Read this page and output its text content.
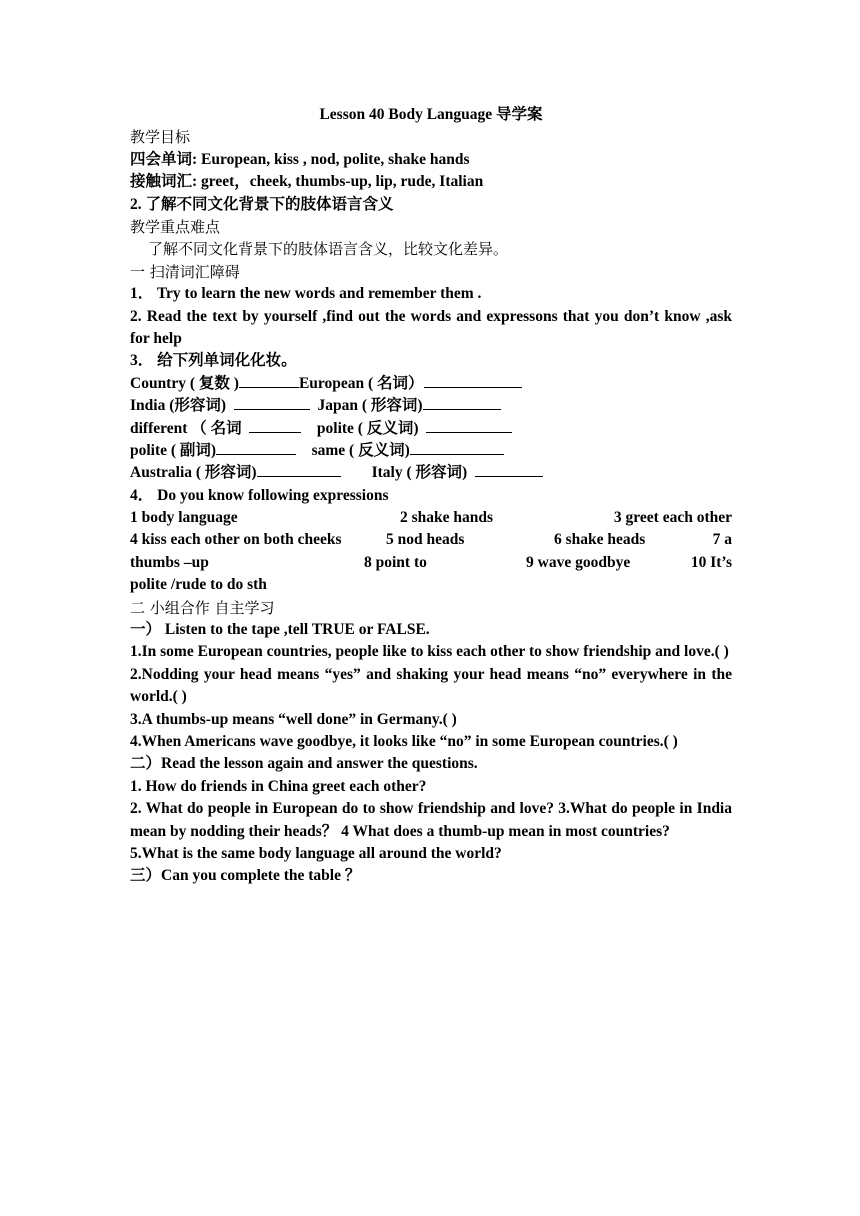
Lesson 40 Body Language 导学案
教学目标
四会单词: European, kiss , nod, polite, shake hands
接触词汇: greet，cheek, thumbs-up, lip, rude, Italian
2. 了解不同文化背景下的肢体语言含义
教学重点难点
了解不同文化背景下的肢体语言含义，比较文化差异。
一 扫清词汇障碍
1． Try to learn the new words and remember them .
2. Read the text by yourself ,find out the words and expressons that you don’t know ,ask for help
3． 给下列单词化化妆。
Country ( 复数 )	European ( 名词）
India (形容词)	Japan ( 形容词)
different （ 名词	polite ( 反义词)
polite ( 副词)	same ( 反义词)
Australia ( 形容词)	Italy ( 形容词)
4． Do you know following expressions
1 body language	2 shake hands	3 greet each other
4 kiss each other on both cheeks	5 nod heads	6 shake heads	7 a
thumbs –up	8 point to	9 wave goodbye	10 It’s
polite /rude to do sth
二 小组合作 自主学习
一） Listen to the tape ,tell TRUE or FALSE.
1.In some European countries, people like to kiss each other to show friendship and love.( )
2.Nodding your head means “yes” and shaking your head means “no” everywhere in the world.( )
3.A thumbs-up means “well done” in Germany.( )
4.When Americans wave goodbye, it looks like “no” in some European countries.( )
二）Read the lesson again and answer the questions.
1. How do friends in China greet each other?
2. What do people in European do to show friendship and love? 3.What do people in India mean by nodding their heads？ 4 What does a thumb-up mean in most countries?
5.What is the same body language all around the world?
三）Can you complete the table ？
